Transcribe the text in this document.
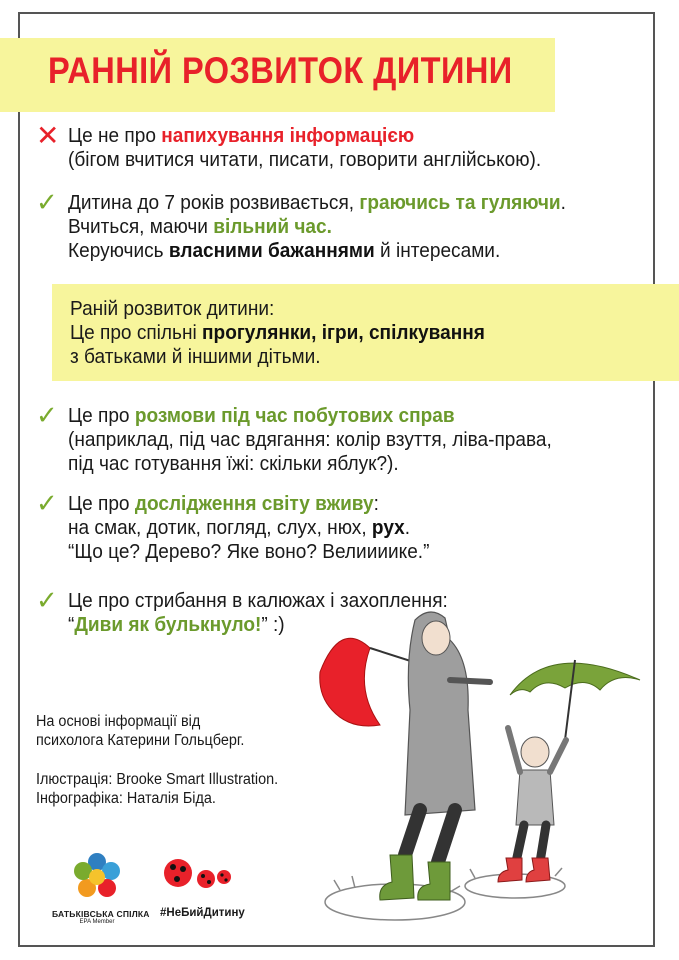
РАННІЙ РОЗВИТОК ДИТИНИ
✕ Це не про напихування інформацією
(бігом вчитися читати, писати, говорити англійською).
✓ Дитина до 7 років розвивається, граючись та гуляючи.
Вчиться, маючи вільний час.
Керуючись власними бажаннями й інтересами.
Раній розвиток дитини:
Це про спільні прогулянки, ігри, спілкування
з батьками й іншими дітьми.
✓ Це про розмови під час побутових справ
(наприклад, під час вдягання: колір взуття, ліва-права,
під час готування їжі: скільки яблук?).
✓ Це про дослідження світу вживу:
на смак, дотик, погляд, слух, нюх, рух.
“Що це? Дерево? Яке воно? Велиииике.”
✓ Це про стрибання в калюжах і захоплення:
“Диви як булькнуло!” :)

На основі інформації від

психолога Катерини Гольцберг.

Ілюстрація: Brooke Smart Illustration.

Інфографіка: Наталія Біда.

БАТЬКІВСЬКА СПІЛКА
EPA Member
#НеБийДитину
